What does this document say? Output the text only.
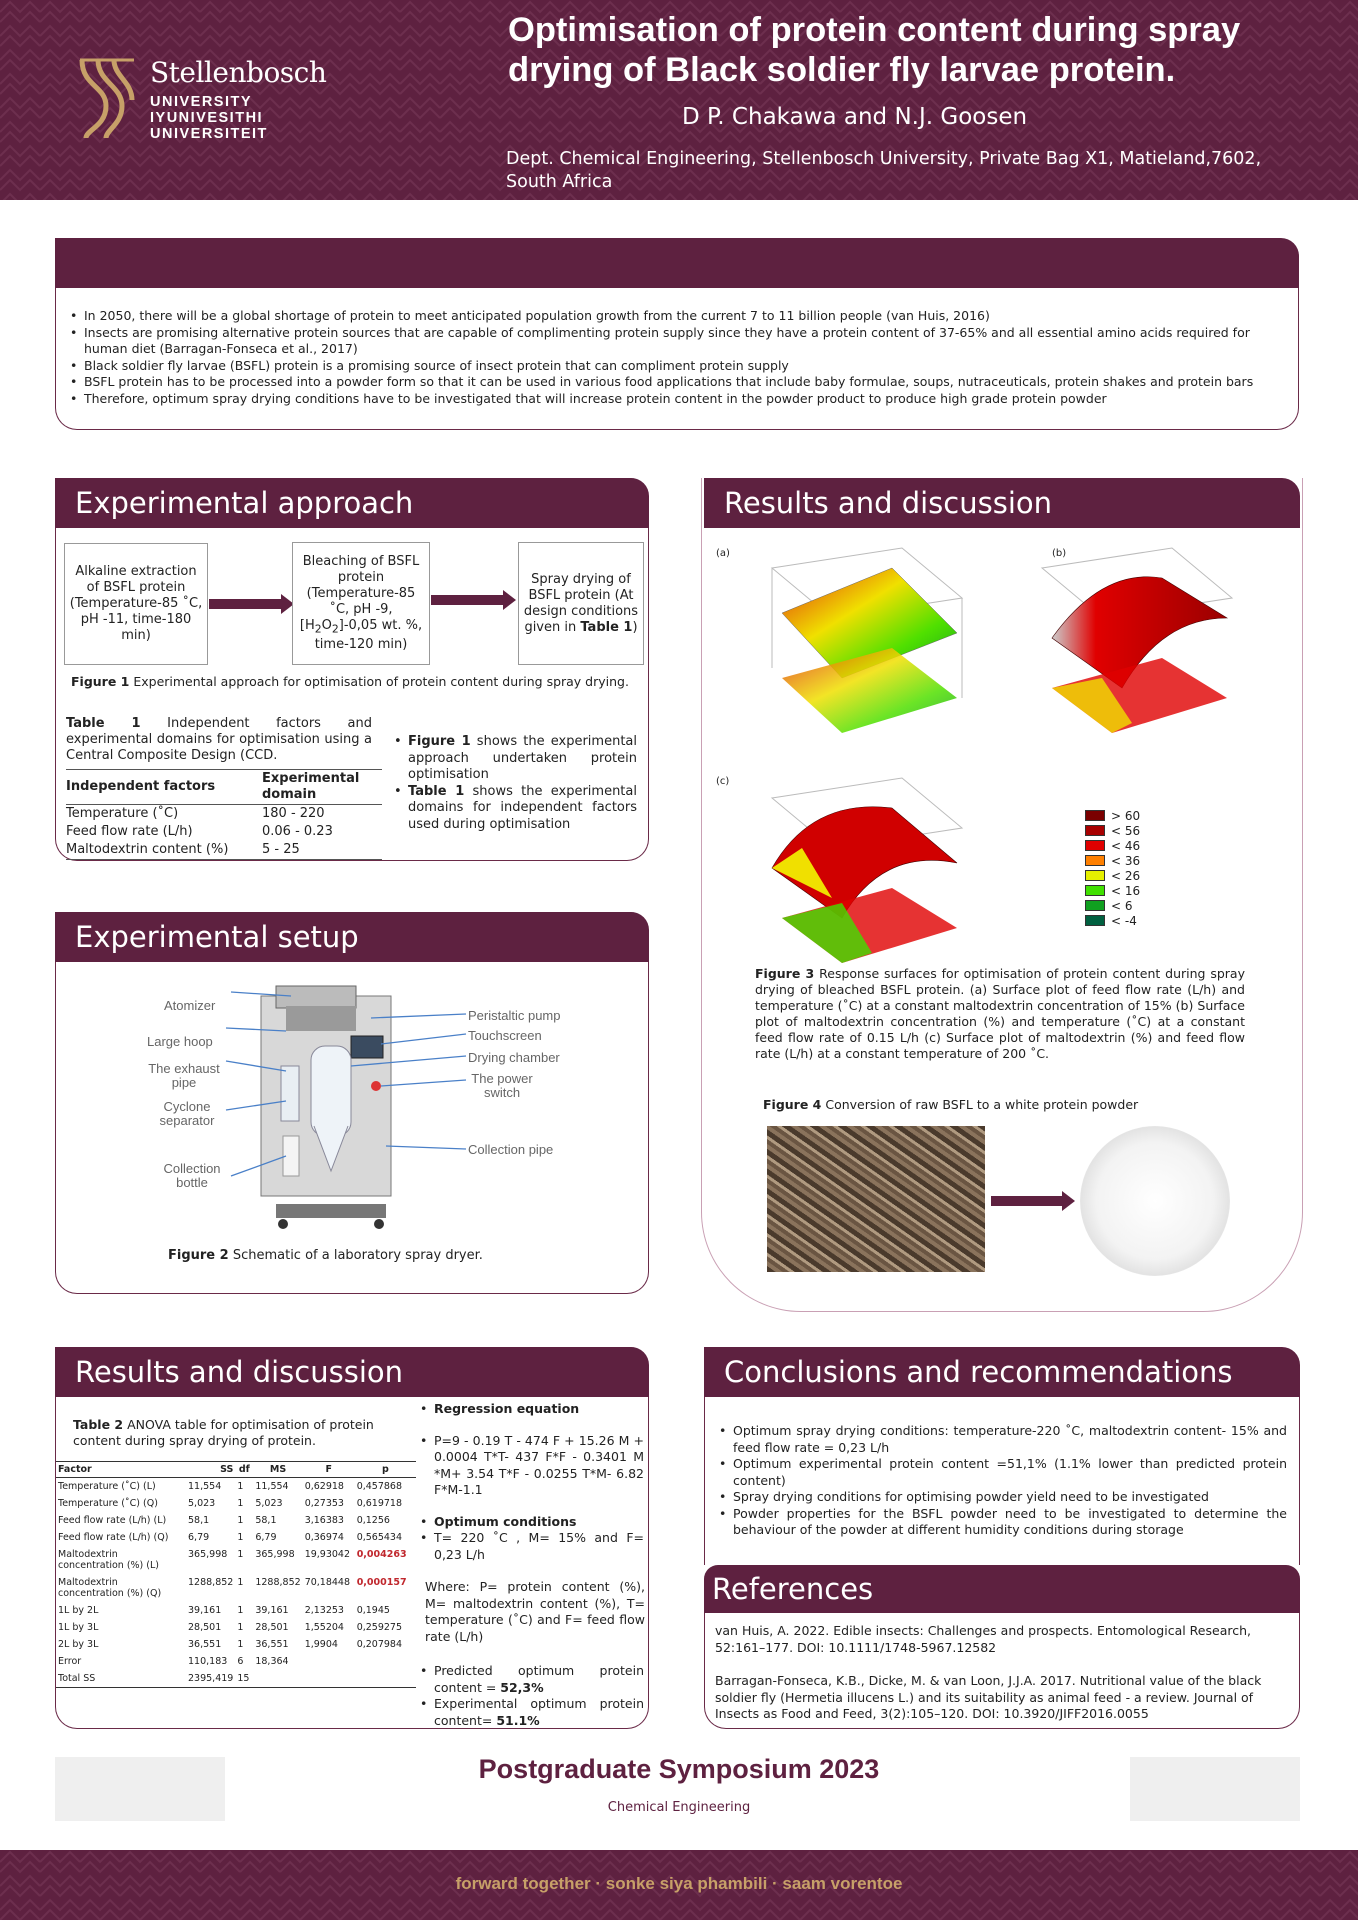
Stellenbosch
UNIVERSITY
IYUNIVESITHI
UNIVERSITEIT
Optimisation of protein content during spray
drying of Black soldier fly larvae protein.
D P. Chakawa and N.J. Goosen
Dept. Chemical Engineering, Stellenbosch University, Private Bag X1, Matieland,7602,
South Africa
• In 2050, there will be a global shortage of protein to meet anticipated population growth from the current 7 to 11 billion people (van Huis, 2016)
• Insects are promising alternative protein sources that are capable of complimenting protein supply since they have a protein content of 37-65% and all essential amino acids required for human diet (Barragan-Fonseca et al., 2017)
• Black soldier fly larvae (BSFL) protein is a promising source of insect protein that can compliment protein supply
• BSFL protein has to be processed into a powder form so that it can be used in various food applications that include baby formulae, soups, nutraceuticals, protein shakes and protein bars
• Therefore, optimum spray drying conditions have to be investigated that will increase protein content in the powder product to produce high grade protein powder
Experimental approach
Alkaline extraction of BSFL protein (Temperature-85 ˚C, pH -11, time-180 min)
Bleaching of BSFL protein (Temperature-85 ˚C, pH -9, $[H_2O_2]-0,05$ wt. %, time-120 min)
Spray drying of BSFL protein (At design conditions given in Table 1)
Figure 1 Experimental approach for optimisation of protein content during spray drying.
Table 1 Independent factors and experimental domains for optimisation using a Central Composite Design (CCD.
Independent factors	Experimental domain
Temperature (˚C)	180 - 220
Feed flow rate (L/h)	0.06 - 0.23
Maltodextrin content (%)	5 - 25
• Figure 1 shows the experimental approach undertaken protein optimisation
• Table 1 shows the experimental domains for independent factors used during optimisation
Experimental setup
Atomizer
Large hoop
The exhaust pipe
Cyclone separator
Collection bottle
Peristaltic pump
Touchscreen
Drying chamber
The power switch
Collection pipe
Figure 2 Schematic of a laboratory spray dryer.
Results and discussion
(a)	(b)
(c)
> 60
< 56
< 46
< 36
< 26
< 16
< 6
< -4
Figure 3 Response surfaces for optimisation of protein content during spray drying of bleached BSFL protein. (a) Surface plot of feed flow rate (L/h) and temperature (˚C) at a constant maltodextrin concentration of 15% (b) Surface plot of maltodextrin concentration (%) and temperature (˚C) at a constant feed flow rate of 0.15 L/h (c) Surface plot of maltodextrin (%) and feed flow rate (L/h) at a constant temperature of 200 ˚C.
Figure 4 Conversion of raw BSFL to a white protein powder
Results and discussion
Table 2 ANOVA table for optimisation of protein content during spray drying of protein.
Factor	SS	df	MS	F	p
Temperature (˚C) (L)	11,554	1	11,554	0,62918	0,457868
Temperature (˚C) (Q)	5,023	1	5,023	0,27353	0,619718
Feed flow rate (L/h) (L)	58,1	1	58,1	3,16383	0,1256
Feed flow rate (L/h) (Q)	6,79	1	6,79	0,36974	0,565434
Maltodextrin concentration (%) (L)	365,998	1	365,998	19,93042	0,004263
Maltodextrin concentration (%) (Q)	1288,852	1	1288,852	70,18448	0,000157
1L by 2L	39,161	1	39,161	2,13253	0,1945
1L by 3L	28,501	1	28,501	1,55204	0,259275
2L by 3L	36,551	1	36,551	1,9904	0,207984
Error	110,183	6	18,364		
Total SS	2395,419	15			
• Regression equation
• P=9 - 0.19 T - 474 F + 15.26 M + 0.0004 T*T- 437 F*F - 0.3401 M *M+ 3.54 T*F - 0.0255 T*M- 6.82 F*M-1.1
• Optimum conditions
• T= 220 ˚C , M= 15% and F= 0,23 L/h
Where: P= protein content (%), M= maltodextrin content (%), T= temperature (˚C) and F= feed flow rate (L/h)
• Predicted optimum protein content = 52,3%
• Experimental optimum protein content= 51.1%
Conclusions and recommendations
• Optimum spray drying conditions: temperature-220 ˚C, maltodextrin content- 15% and feed flow rate = 0,23 L/h
• Optimum experimental protein content =51,1% (1.1% lower than predicted protein content)
• Spray drying conditions for optimising powder yield need to be investigated
• Powder properties for the BSFL powder need to be investigated to determine the behaviour of the powder at different humidity conditions during storage
References
van Huis, A. 2022. Edible insects: Challenges and prospects. Entomological Research, 52:161–177. DOI: 10.1111/1748-5967.12582
Barragan-Fonseca, K.B., Dicke, M. & van Loon, J.J.A. 2017. Nutritional value of the black soldier fly (Hermetia illucens L.) and its suitability as animal feed - a review. Journal of Insects as Food and Feed, 3(2):105–120. DOI: 10.3920/JIFF2016.0055
Postgraduate Symposium 2023
Chemical Engineering
forward together · sonke siya phambili · saam vorentoe
